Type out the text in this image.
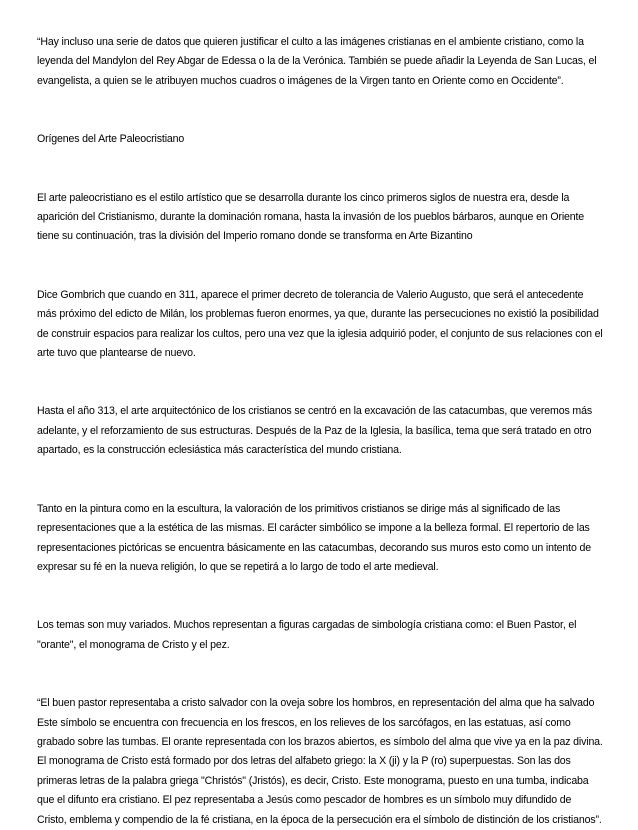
“Hay incluso una serie de datos que quieren justificar el culto a las imágenes cristianas en el ambiente cristiano, como la leyenda del Mandylon del Rey Abgar de Edessa o la de la Verónica. También se puede añadir la Leyenda de San Lucas, el evangelista, a quien se le atribuyen muchos cuadros o imágenes de la Virgen tanto en Oriente como en Occidente”.

Orígenes del Arte Paleocristiano

El arte paleocristiano es el estilo artístico que se desarrolla durante los cinco primeros siglos de nuestra era, desde la aparición del Cristianismo, durante la dominación romana, hasta la invasión de los pueblos bárbaros, aunque en Oriente tiene su continuación, tras la división del Imperio romano donde se transforma en Arte Bizantino

Dice Gombrich que cuando en 311, aparece el primer decreto de tolerancia de Valerio Augusto, que será el antecedente más próximo del edicto de Milán, los problemas fueron enormes, ya que, durante las persecuciones no existió la posibilidad de construir espacios para realizar los cultos, pero una vez que la iglesia adquirió poder, el conjunto de sus relaciones con el arte tuvo que plantearse de nuevo.

Hasta el año 313, el arte arquitectónico de los cristianos se centró en la excavación de las catacumbas, que veremos más adelante, y el reforzamiento de sus estructuras. Después de la Paz de la Iglesia, la basílica, tema que será tratado en otro apartado, es la construcción eclesiástica más característica del mundo cristiana.

Tanto en la pintura como en la escultura, la valoración de los primitivos cristianos se dirige más al significado de las representaciones que a la estética de las mismas. El carácter simbólico se impone a la belleza formal. El repertorio de las representaciones pictóricas se encuentra básicamente en las catacumbas, decorando sus muros esto como un intento de expresar su fé en la nueva religión, lo que se repetirá a lo largo de todo el arte medieval.

Los temas son muy variados. Muchos representan a figuras cargadas de simbología cristiana como: el Buen Pastor, el "orante", el monograma de Cristo y el pez.

“El buen pastor representaba a cristo salvador con la oveja sobre los hombros, en representación del alma que ha salvado Este símbolo se encuentra con frecuencia en los frescos, en los relieves de los sarcófagos, en las estatuas, así como grabado sobre las tumbas. El orante representada con los brazos abiertos, es símbolo del alma que vive ya en la paz divina. El monograma de Cristo está formado por dos letras del alfabeto griego: la X (ji) y la P (ro) superpuestas. Son las dos primeras letras de la palabra griega "Christós" (Jristós), es decir, Cristo. Este monograma, puesto en una tumba, indicaba que el difunto era cristiano. El pez representaba a Jesús como pescador de hombres es un símbolo muy difundido de Cristo, emblema y compendio de la fé cristiana, en la época de la persecución era el símbolo de distinción de los cristianos”.
